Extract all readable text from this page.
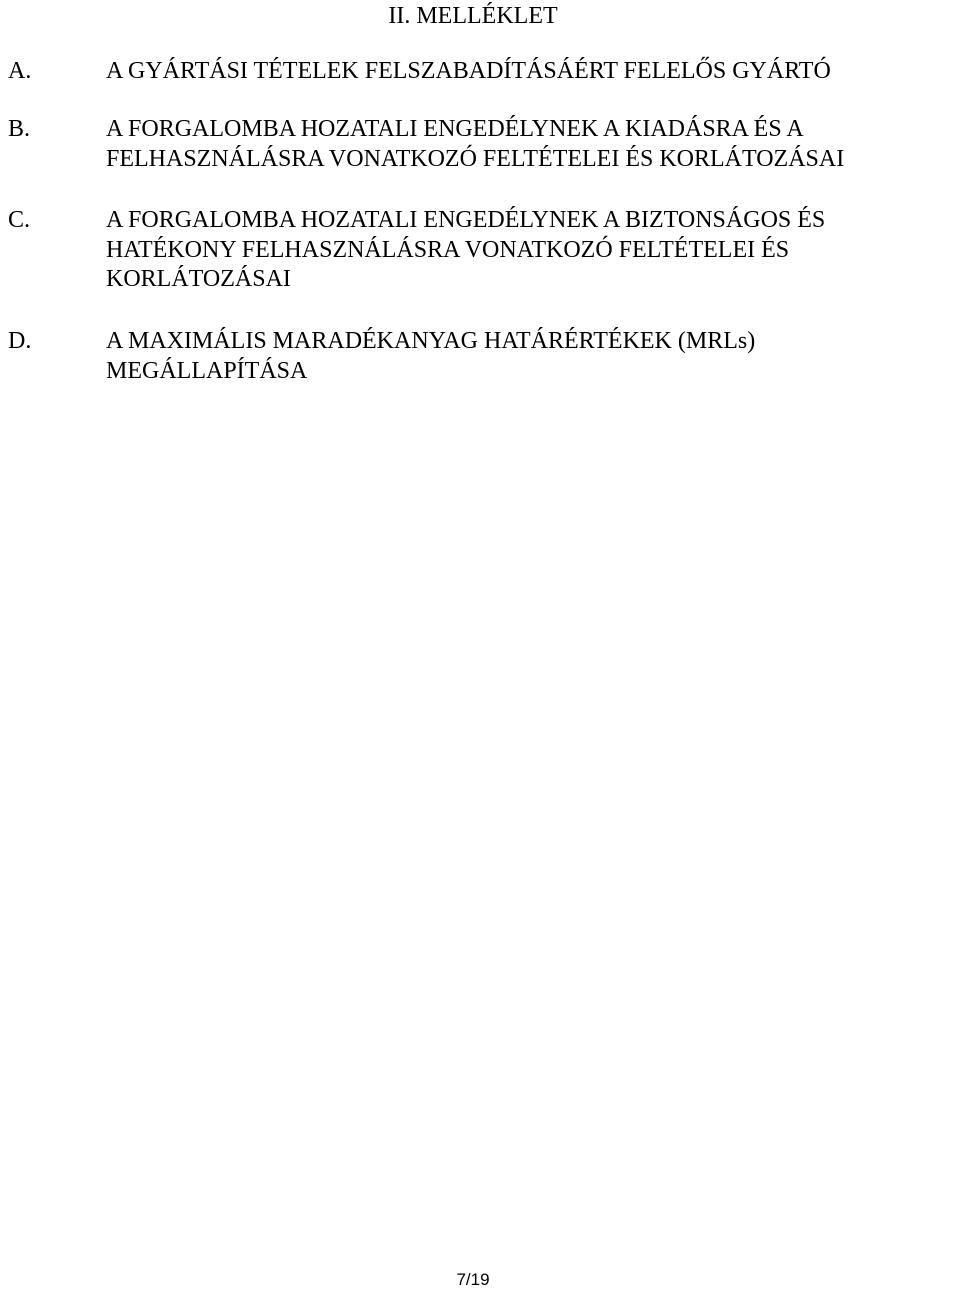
II. MELLÉKLET
A.	A GYÁRTÁSI TÉTELEK FELSZABADÍTÁSÁÉRT FELELŐS GYÁRTÓ
B.	A FORGALOMBA HOZATALI ENGEDÉLYNEK A KIADÁSRA ÉS A
FELHASZNÁLÁSRA VONATKOZÓ FELTÉTELEI ÉS KORLÁTOZÁSAI
C.	A FORGALOMBA HOZATALI ENGEDÉLYNEK A BIZTONSÁGOS ÉS
HATÉKONY FELHASZNÁLÁSRA VONATKOZÓ FELTÉTELEI ÉS
KORLÁTOZÁSAI
D.	A MAXIMÁLIS MARADÉKANYAG HATÁRÉRTÉKEK (MRLs)
MEGÁLLAPÍTÁSA
7/19
